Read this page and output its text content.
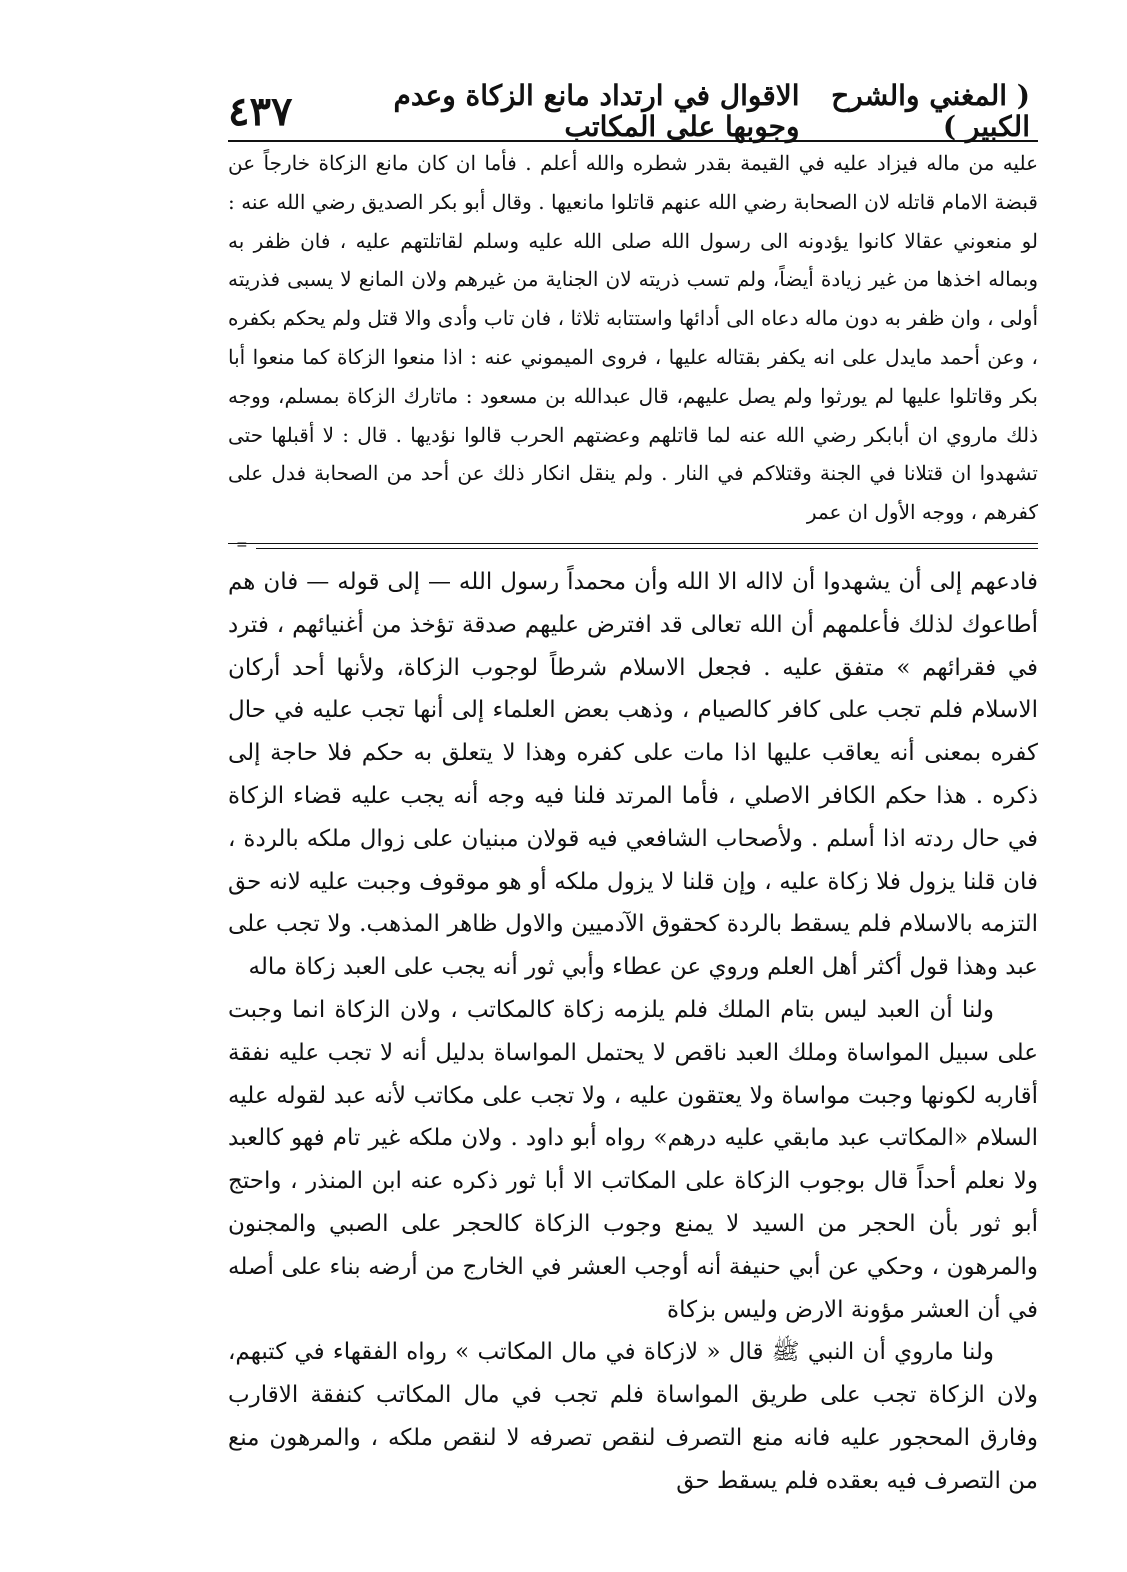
( المغني والشرح الكبير )
الاقوال في ارتداد مانع الزكاة وعدم وجوبها على المكاتب
٤٣٧

عليه من ماله فيزاد عليه في القيمة بقدر شطره والله أعلم . فأما ان كان مانع الزكاة خارجاً عن قبضة الامام قاتله لان الصحابة رضي الله عنهم قاتلوا مانعيها . وقال أبو بكر الصديق رضي الله عنه : لو منعوني عقالا كانوا يؤدونه الى رسول الله صلى الله عليه وسلم لقاتلتهم عليه ، فان ظفر به وبماله اخذها من غير زيادة أيضاً، ولم تسب ذريته لان الجناية من غيرهم ولان المانع لا يسبى فذريته أولى ، وان ظفر به دون ماله دعاه الى أدائها واستتابه ثلاثا ، فان تاب وأدى والا قتل ولم يحكم بكفره ، وعن أحمد مايدل على انه يكفر بقتاله عليها ، فروى الميموني عنه : اذا منعوا الزكاة كما منعوا أبا بكر وقاتلوا عليها لم يورثوا ولم يصل عليهم، قال عبدالله بن مسعود : ماتارك الزكاة بمسلم، ووجه ذلك ماروي ان أبابكر رضي الله عنه لما قاتلهم وعضتهم الحرب قالوا نؤديها . قال : لا أقبلها حتى تشهدوا ان قتلانا في الجنة وقتلاكم في النار . ولم ينقل انكار ذلك عن أحد من الصحابة فدل على كفرهم ، ووجه الأول ان عمر

=

فادعهم إلى أن يشهدوا أن لااله الا الله وأن محمداً رسول الله — إلى قوله — فان هم أطاعوك لذلك فأعلمهم أن الله تعالى قد افترض عليهم صدقة تؤخذ من أغنيائهم ، فترد في فقرائهم » متفق عليه . فجعل الاسلام شرطاً لوجوب الزكاة، ولأنها أحد أركان الاسلام فلم تجب على كافر كالصيام ، وذهب بعض العلماء إلى أنها تجب عليه في حال كفره بمعنى أنه يعاقب عليها اذا مات على كفره وهذا لا يتعلق به حكم فلا حاجة إلى ذكره . هذا حكم الكافر الاصلي ، فأما المرتد فلنا فيه وجه أنه يجب عليه قضاء الزكاة في حال ردته اذا أسلم . ولأصحاب الشافعي فيه قولان مبنيان على زوال ملكه بالردة ، فان قلنا يزول فلا زكاة عليه ، وإن قلنا لا يزول ملكه أو هو موقوف وجبت عليه لانه حق التزمه بالاسلام فلم يسقط بالردة كحقوق الآدميين والاول ظاهر المذهب. ولا تجب على عبد وهذا قول أكثر أهل العلم وروي عن عطاء وأبي ثور أنه يجب على العبد زكاة ماله

ولنا أن العبد ليس بتام الملك فلم يلزمه زكاة كالمكاتب ، ولان الزكاة انما وجبت على سبيل المواساة وملك العبد ناقص لا يحتمل المواساة بدليل أنه لا تجب عليه نفقة أقاربه لكونها وجبت مواساة ولا يعتقون عليه ، ولا تجب على مكاتب لأنه عبد لقوله عليه السلام «المكاتب عبد مابقي عليه درهم» رواه أبو داود . ولان ملكه غير تام فهو كالعبد ولا نعلم أحداً قال بوجوب الزكاة على المكاتب الا أبا ثور ذكره عنه ابن المنذر ، واحتج أبو ثور بأن الحجر من السيد لا يمنع وجوب الزكاة كالحجر على الصبي والمجنون والمرهون ، وحكي عن أبي حنيفة أنه أوجب العشر في الخارج من أرضه بناء على أصله في أن العشر مؤونة الارض وليس بزكاة

ولنا ماروي أن النبي ﷺ قال « لازكاة في مال المكاتب » رواه الفقهاء في كتبهم، ولان الزكاة تجب على طريق المواساة فلم تجب في مال المكاتب كنفقة الاقارب وفارق المحجور عليه فانه منع التصرف لنقص تصرفه لا لنقص ملكه ، والمرهون منع من التصرف فيه بعقده فلم يسقط حق
